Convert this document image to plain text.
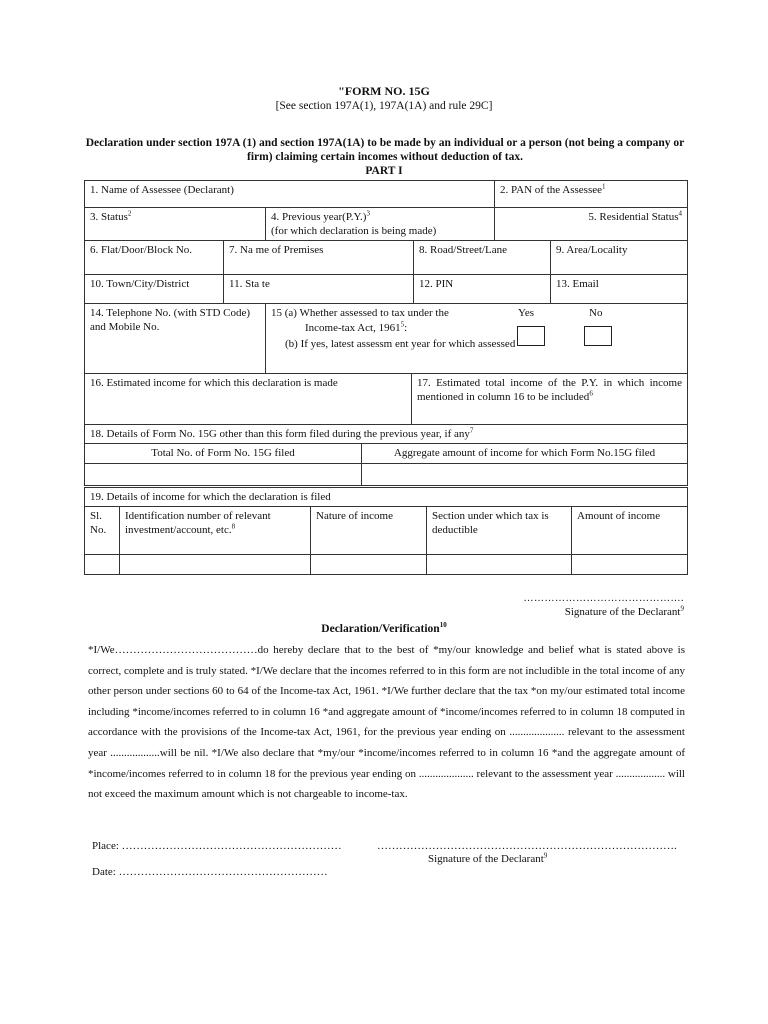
"FORM NO. 15G
[See section 197A(1), 197A(1A) and rule 29C]
Declaration under section 197A (1) and section 197A(1A) to be made by an individual or a person (not being a company or firm) claiming certain incomes without deduction of tax.
PART I
1. Name of Assessee (Declarant)		2. PAN of the Assessee$^1$
3. Status$^2$	4. Previous $year(P.Y.)^3$
(for which declaration is being made)	5. Residential Status$^4$
6. Flat/Door/Block No.	7. Na me of Premises	8. Road/Street/Lane	9. Area/Locality
10. Town/City/District	11. Sta te	12. PIN	13. Email
14. Telephone No. (with STD Code) and Mobile No.	
15 (a) Whether assessed to tax under the
Income-tax Act, 1961$^5$:
(b) If yes, latest assessm ent year for which assessed
Yes	No
16. Estimated income for which this declaration is made	17. Estimated total income of the P.Y. in which income mentioned in column 16 to be included$^6$
18. Details of Form No. 15G other than this form filed during the previous year, if any$^7$
Total No. of Form No. 15G filed	Aggregate amount of income for which Form No.15G filed

19. Details of income for which the declaration is filed				
Sl. No.	Identification number of relevant investment/account, etc.$^8$	Nature of income	Section under which tax is deductible	Amount of income

……………………………………….
Signature of the Declarant$^9$
Declaration/Verification$^{10}$

*I/We…………………………………do hereby declare that to the best of *my/our knowledge and belief what is stated above is correct, complete and is truly stated. *I/We declare that the incomes referred to in this form are not includible in the total income of any other person under sections 60 to 64 of the Income-tax Act, 1961. *I/We further declare that the tax *on my/our estimated total income including *income/incomes referred to in column 16 *and aggregate amount of *income/incomes referred to in column 18 computed in accordance with the provisions of the Income-tax Act, 1961, for the previous year ending on .................... relevant to the assessment year ..................will be nil. *I/We also declare that *my/our *income/incomes referred to in column 16 *and the aggregate amount of *income/incomes referred to in column 18 for the previous year ending on .................... relevant to the assessment year .................. will not exceed the maximum amount which is not chargeable to income-tax.

Place: ……………………………………………………	……………………………………………………………………….
Signature of the Declarant$^9$
Date: …………………………………………………
